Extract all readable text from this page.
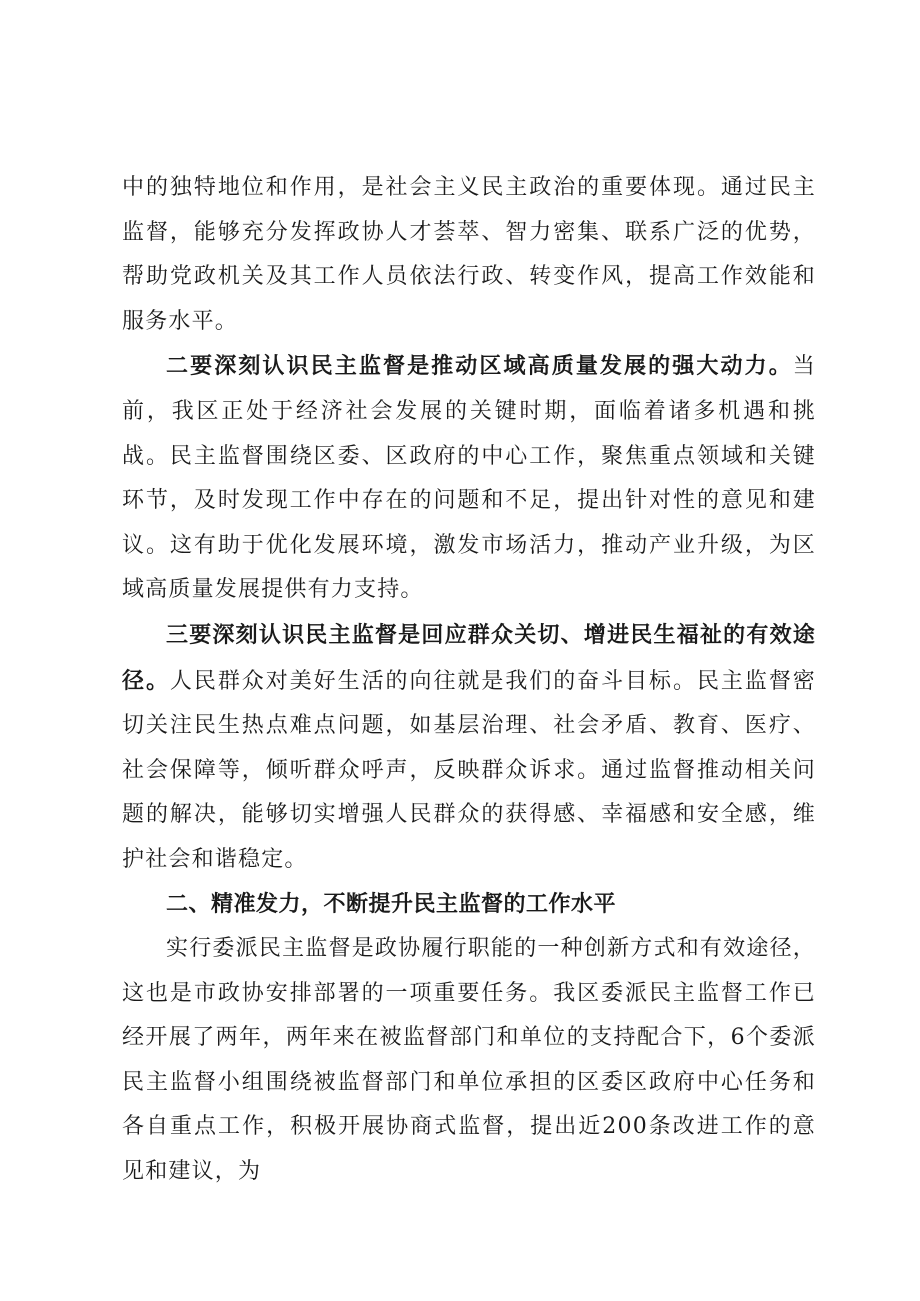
中的独特地位和作用，是社会主义民主政治的重要体现。通过民主监督，能够充分发挥政协人才荟萃、智力密集、联系广泛的优势，帮助党政机关及其工作人员依法行政、转变作风，提高工作效能和服务水平。

二要深刻认识民主监督是推动区域高质量发展的强大动力。当前，我区正处于经济社会发展的关键时期，面临着诸多机遇和挑战。民主监督围绕区委、区政府的中心工作，聚焦重点领域和关键环节，及时发现工作中存在的问题和不足，提出针对性的意见和建议。这有助于优化发展环境，激发市场活力，推动产业升级，为区域高质量发展提供有力支持。

三要深刻认识民主监督是回应群众关切、增进民生福祉的有效途径。人民群众对美好生活的向往就是我们的奋斗目标。民主监督密切关注民生热点难点问题，如基层治理、社会矛盾、教育、医疗、社会保障等，倾听群众呼声，反映群众诉求。通过监督推动相关问题的解决，能够切实增强人民群众的获得感、幸福感和安全感，维护社会和谐稳定。

二、精准发力，不断提升民主监督的工作水平

实行委派民主监督是政协履行职能的一种创新方式和有效途径，这也是市政协安排部署的一项重要任务。我区委派民主监督工作已经开展了两年，两年来在被监督部门和单位的支持配合下，6个委派民主监督小组围绕被监督部门和单位承担的区委区政府中心任务和各自重点工作，积极开展协商式监督，提出近200条改进工作的意见和建议，为
